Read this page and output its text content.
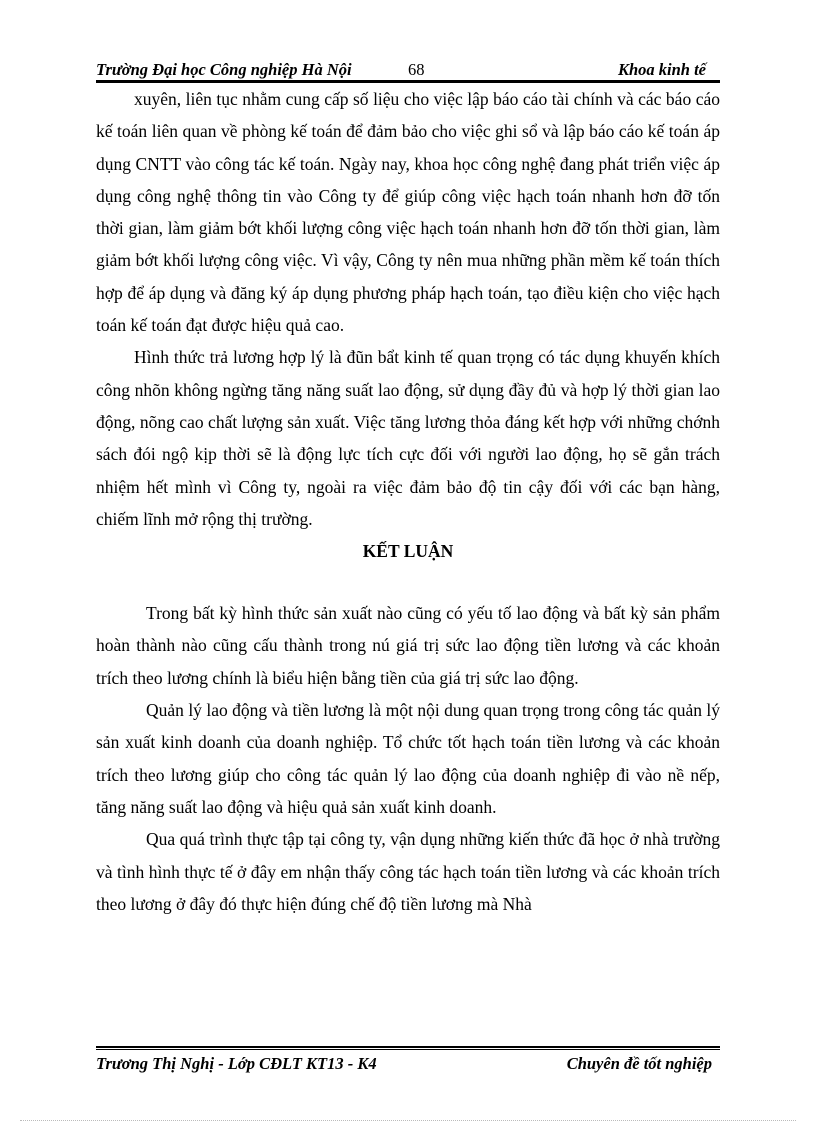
Trường Đại học Công nghiệp Hà Nội	68	Khoa kinh tế

xuyên, liên tục nhằm cung cấp số liệu cho việc lập báo cáo tài chính và các báo cáo kế toán liên quan về phòng kế toán để đảm bảo cho việc ghi sổ và lập báo cáo kế toán áp dụng CNTT vào công tác kế toán. Ngày nay, khoa học công nghệ đang phát triển việc áp dụng công nghệ thông tin vào Công ty để giúp công việc hạch toán nhanh hơn đỡ tốn thời gian, làm giảm bớt khối lượng công việc hạch toán nhanh hơn đỡ tốn thời gian, làm giảm bớt khối lượng công việc. Vì vậy, Công ty nên mua những phần mềm kế toán thích hợp để áp dụng và đăng ký áp dụng phương pháp hạch toán, tạo điều kiện cho việc hạch toán kế toán đạt được hiệu quả cao.

Hình thức trả lương hợp lý là đũn bẩt kinh tế quan trọng có tác dụng khuyến khích công nhõn không ngừng tăng năng suất lao động, sử dụng đầy đủ và hợp lý thời gian lao động, nõng cao chất lượng sản xuất. Việc tăng lương thỏa đáng kết hợp với những chớnh sách đói ngộ kịp thời sẽ là động lực tích cực đối với người lao động, họ sẽ gắn trách nhiệm hết mình vì Công ty, ngoài ra việc đảm bảo độ tin cậy đối với các bạn hàng, chiếm lĩnh mở rộng thị trường.

KẾT LUẬN

Trong bất kỳ hình thức sản xuất nào cũng có yếu tố lao động và bất kỳ sản phẩm hoàn thành nào cũng cấu thành trong nú giá trị sức lao động tiền lương và các khoản trích theo lương chính là biểu hiện bằng tiền của giá trị sức lao động.

Quản lý lao động và tiền lương là một nội dung quan trọng trong công tác quản lý sản xuất kinh doanh của doanh nghiệp. Tổ chức tốt hạch toán tiền lương và các khoản trích theo lương giúp cho công tác quản lý lao động của doanh nghiệp đi vào nề nếp, tăng năng suất lao động và hiệu quả sản xuất kinh doanh.

Qua quá trình thực tập tại công ty, vận dụng những kiến thức đã học ở nhà trường và tình hình thực tế ở đây em nhận thấy công tác hạch toán tiền lương và các khoản trích theo lương ở đây đó thực hiện đúng chế độ tiền lương mà Nhà

Trương Thị Nghị - Lớp CĐLT KT13 - K4	Chuyên đề tốt nghiệp
